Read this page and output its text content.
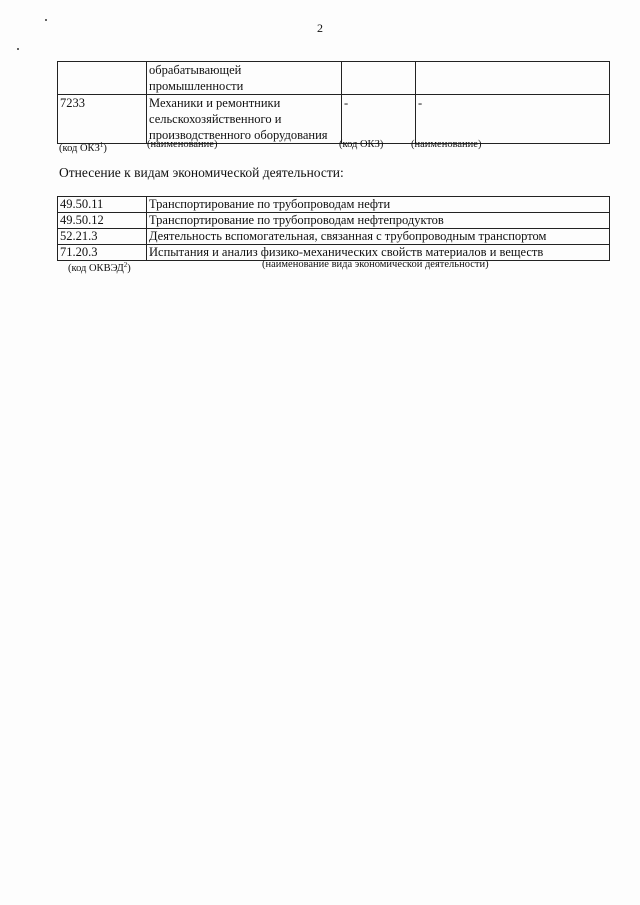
2

	обрабатывающей
промышленности		

7233	Механики и ремонтники
сельскохозяйственного и
производственного оборудования	-	-
(код ОКЗ$^1$)	(наименование)	(код ОКЗ)	(наименование)
Отнесение к видам экономической деятельности:
49.50.11	Транспортирование по трубопроводам нефти
49.50.12	Транспортирование по трубопроводам нефтепродуктов
52.21.3	Деятельность вспомогательная, связанная с трубопроводным транспортом
71.20.3	Испытания и анализ физико-механических свойств материалов и веществ
(код ОКВЭД$^2$)	(наименование вида экономической деятельности)
